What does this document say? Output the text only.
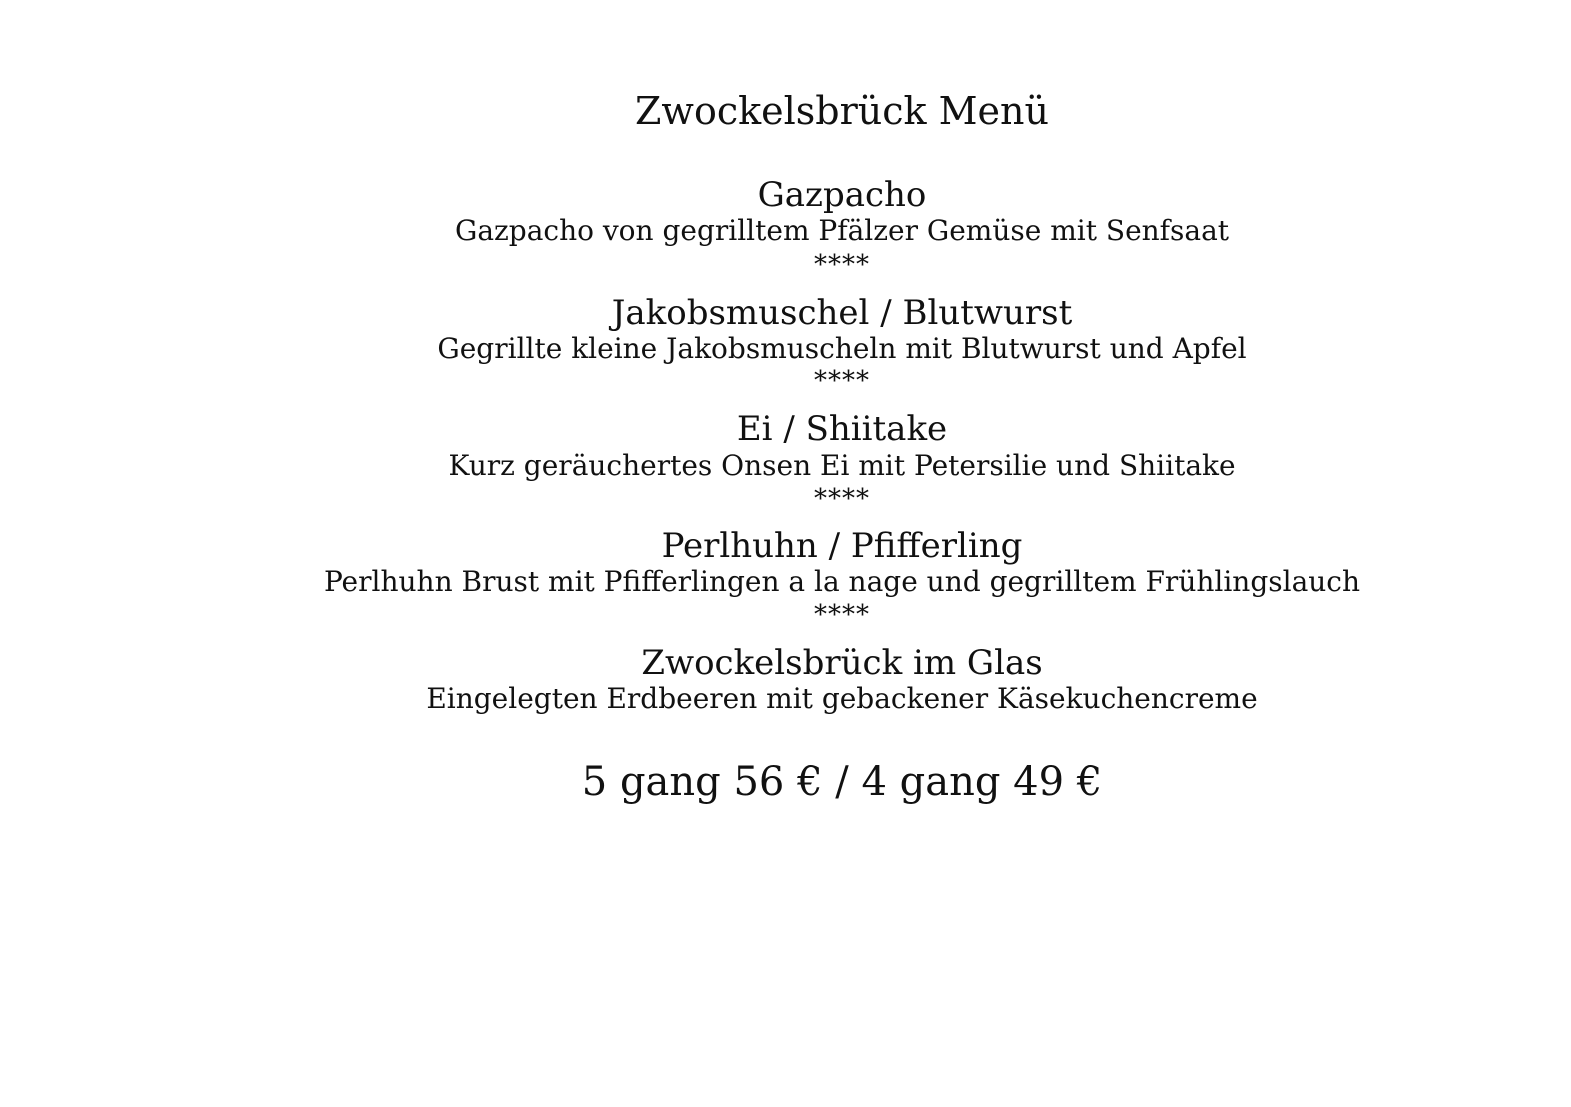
Zwockelsbrück Menü
Gazpacho
Gazpacho von gegrilltem Pfälzer Gemüse mit Senfsaat
****
Jakobsmuschel / Blutwurst
Gegrillte kleine Jakobsmuscheln mit Blutwurst und Apfel
****
Ei / Shiitake
Kurz geräuchertes Onsen Ei mit Petersilie und Shiitake
****
Perlhuhn / Pfifferling
Perlhuhn Brust mit Pfifferlingen a la nage und gegrilltem Frühlingslauch
****
Zwockelsbrück im Glas
Eingelegten Erdbeeren mit gebackener Käsekuchencreme
5 gang 56 € / 4 gang 49 €
